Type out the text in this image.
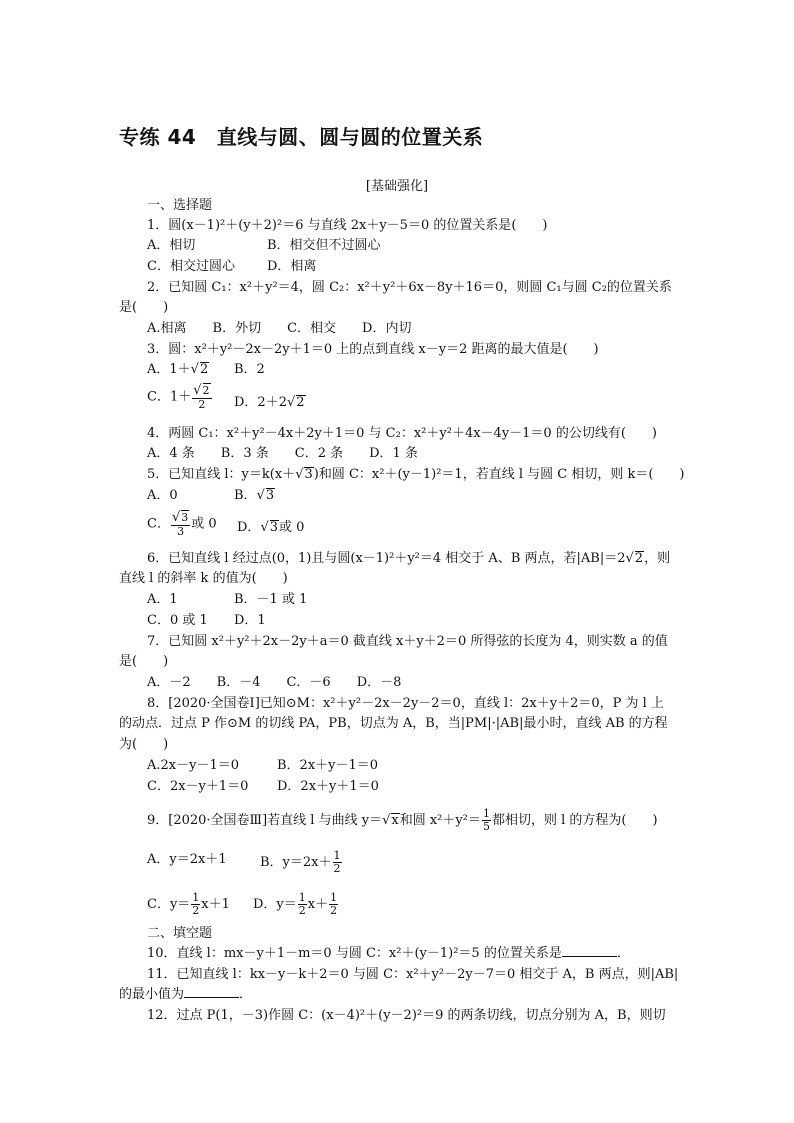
专练 44　直线与圆、圆与圆的位置关系
[基础强化]
一、选择题
1．圆(x－1)²＋(y＋2)²＝6 与直线 2x＋y－5＝0 的位置关系是(　　)
A．相切	B．相交但不过圆心
C．相交过圆心 D．相离
2．已知圆 C₁：x²＋y²＝4，圆 C₂：x²＋y²＋6x－8y＋16＝0，则圆 C₁与圆 C₂的位置关系
是(　　)
A.相离　　B．外切　　C．相交　　D．内切
3．圆：x²＋y²－2x－2y＋1＝0 上的点到直线 x－y＝2 距离的最大值是(　　)
A．1＋√2 B．2
C．$1+ \frac{√2}{2}$ D．2＋2√2
4．两圆 C₁：x²＋y²－4x＋2y＋1＝0 与 C₂：x²＋y²＋4x－4y－1＝0 的公切线有(　　)
A．4 条　　B．3 条　　C．2 条　　D．1 条
5．已知直线 l：y＝k(x＋√3)和圆 C：x²＋(y－1)²＝1，若直线 l 与圆 C 相切，则 k＝(　　)
A．0	B．√3
C． $\frac{√3}{3}$ 或 0 D．√3或 0
6．已知直线 l 经过点(0，1)且与圆(x－1)²＋y²＝4 相交于 A、B 两点，若|AB|＝2√2，则
直线 l 的斜率 k 的值为(　　)
A．1	B．－1 或 1
C．0 或 1 D．1
7．已知圆 x²＋y²＋2x－2y＋a＝0 截直线 x＋y＋2＝0 所得弦的长度为 4，则实数 a 的值
是(　　)
A．－2　　B．－4　　C．－6　　D．－8
8．[2020·全国卷Ⅰ]已知⊙M：x²＋y²－2x－2y－2＝0，直线 l：2x＋y＋2＝0，P 为 l 上
的动点．过点 P 作⊙M 的切线 PA，PB，切点为 A，B，当|PM|·|AB|最小时，直线 AB 的方程
为(　　)
A.2x－y－1＝0	B．2x＋y－1＝0
C．2x－y＋1＝0 D．2x＋y＋1＝0
9．[2020·全国卷Ⅲ]若直线 l 与曲线 y＝√x和圆 $x^2+y^2= \frac{1}{5}$ 都相切，则 l 的方程为(　　)
A．y＝2x＋1	B．$y=2x+ \frac{1}{2}$
C．$y= \frac{1}{2} x+1$ D．$y= \frac{1}{2} x+ \frac{1}{2}$
二、填空题
10．直线 l：mx－y＋1－m＝0 与圆 C：x²＋(y－1)²＝5 的位置关系是	．
11．已知直线 l：kx－y－k＋2＝0 与圆 C：x²＋y²－2y－7＝0 相交于 A，B 两点，则|AB|
的最小值为	．
12．过点 P(1，－3)作圆 C：(x－4)²＋(y－2)²＝9 的两条切线，切点分别为 A，B，则切
